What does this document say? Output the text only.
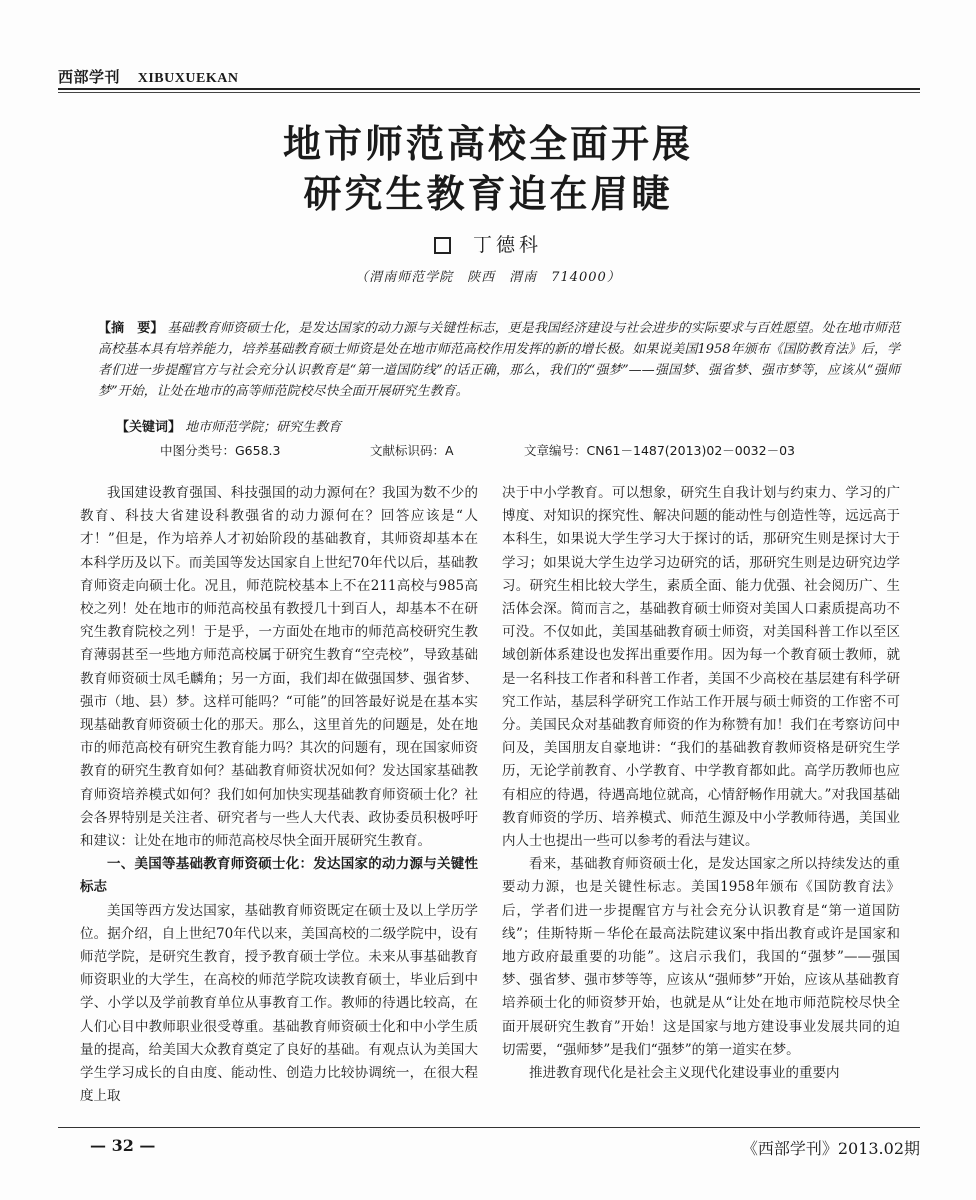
西部学刊 XIBUXUEKAN
地市师范高校全面开展
研究生教育迫在眉睫
丁德科
（渭南师范学院　陕西　渭南　714000）
【摘　要】 基础教育师资硕士化，是发达国家的动力源与关键性标志，更是我国经济建设与社会进步的实际要求与百姓愿望。处在地市师范高校基本具有培养能力，培养基础教育硕士师资是处在地市师范高校作用发挥的新的增长极。如果说美国1958年颁布《国防教育法》后，学者们进一步提醒官方与社会充分认识教育是“第一道国防线”的话正确，那么，我们的“强梦”——强国梦、强省梦、强市梦等，应该从“强师梦”开始，让处在地市的高等师范院校尽快全面开展研究生教育。
【关键词】 地市师范学院；研究生教育
中图分类号：G658.3	文献标识码：A	文章编号：CN61－1487(2013)02－0032－03

我国建设教育强国、科技强国的动力源何在？我国为数不少的教育、科技大省建设科教强省的动力源何在？回答应该是“人才！”但是，作为培养人才初始阶段的基础教育，其师资却基本在本科学历及以下。而美国等发达国家自上世纪70年代以后，基础教育师资走向硕士化。况且，师范院校基本上不在211高校与985高校之列！处在地市的师范高校虽有教授几十到百人，却基本不在研究生教育院校之列！于是乎，一方面处在地市的师范高校研究生教育薄弱甚至一些地方师范高校属于研究生教育“空壳校”，导致基础教育师资硕士凤毛麟角；另一方面，我们却在做强国梦、强省梦、强市（地、县）梦。这样可能吗？“可能”的回答最好说是在基本实现基础教育师资硕士化的那天。那么，这里首先的问题是，处在地市的师范高校有研究生教育能力吗？其次的问题有，现在国家师资教育的研究生教育如何？基础教育师资状况如何？发达国家基础教育师资培养模式如何？我们如何加快实现基础教育师资硕士化？社会各界特别是关注者、研究者与一些人大代表、政协委员积极呼吁和建议：让处在地市的师范高校尽快全面开展研究生教育。

一、美国等基础教育师资硕士化：发达国家的动力源与关键性标志

美国等西方发达国家，基础教育师资既定在硕士及以上学历学位。据介绍，自上世纪70年代以来，美国高校的二级学院中，设有师范学院，是研究生教育，授予教育硕士学位。未来从事基础教育师资职业的大学生，在高校的师范学院攻读教育硕士，毕业后到中学、小学以及学前教育单位从事教育工作。教师的待遇比较高，在人们心目中教师职业很受尊重。基础教育师资硕士化和中小学生质量的提高，给美国大众教育奠定了良好的基础。有观点认为美国大学生学习成长的自由度、能动性、创造力比较协调统一，在很大程度上取

决于中小学教育。可以想象，研究生自我计划与约束力、学习的广博度、对知识的探究性、解决问题的能动性与创造性等，远远高于本科生，如果说大学生学习大于探讨的话，那研究生则是探讨大于学习；如果说大学生边学习边研究的话，那研究生则是边研究边学习。研究生相比较大学生，素质全面、能力优强、社会阅历广、生活体会深。简而言之，基础教育硕士师资对美国人口素质提高功不可没。不仅如此，美国基础教育硕士师资，对美国科普工作以至区域创新体系建设也发挥出重要作用。因为每一个教育硕士教师，就是一名科技工作者和科普工作者，美国不少高校在基层建有科学研究工作站，基层科学研究工作站工作开展与硕士师资的工作密不可分。美国民众对基础教育师资的作为称赞有加！我们在考察访问中问及，美国朋友自豪地讲：“我们的基础教育教师资格是研究生学历，无论学前教育、小学教育、中学教育都如此。高学历教师也应有相应的待遇，待遇高地位就高，心情舒畅作用就大。”对我国基础教育师资的学历、培养模式、师范生源及中小学教师待遇，美国业内人士也提出一些可以参考的看法与建议。

看来，基础教育师资硕士化，是发达国家之所以持续发达的重要动力源，也是关键性标志。美国1958年颁布《国防教育法》后，学者们进一步提醒官方与社会充分认识教育是“第一道国防线”；佳斯特斯－华伦在最高法院建议案中指出教育或许是国家和地方政府最重要的功能”。这启示我们，我国的“强梦”——强国梦、强省梦、强市梦等等，应该从“强师梦”开始，应该从基础教育培养硕士化的师资梦开始，也就是从“让处在地市师范院校尽快全面开展研究生教育”开始！这是国家与地方建设事业发展共同的迫切需要，“强师梦”是我们“强梦”的第一道实在梦。

推进教育现代化是社会主义现代化建设事业的重要内

— 32 —	《西部学刊》2013.02期
